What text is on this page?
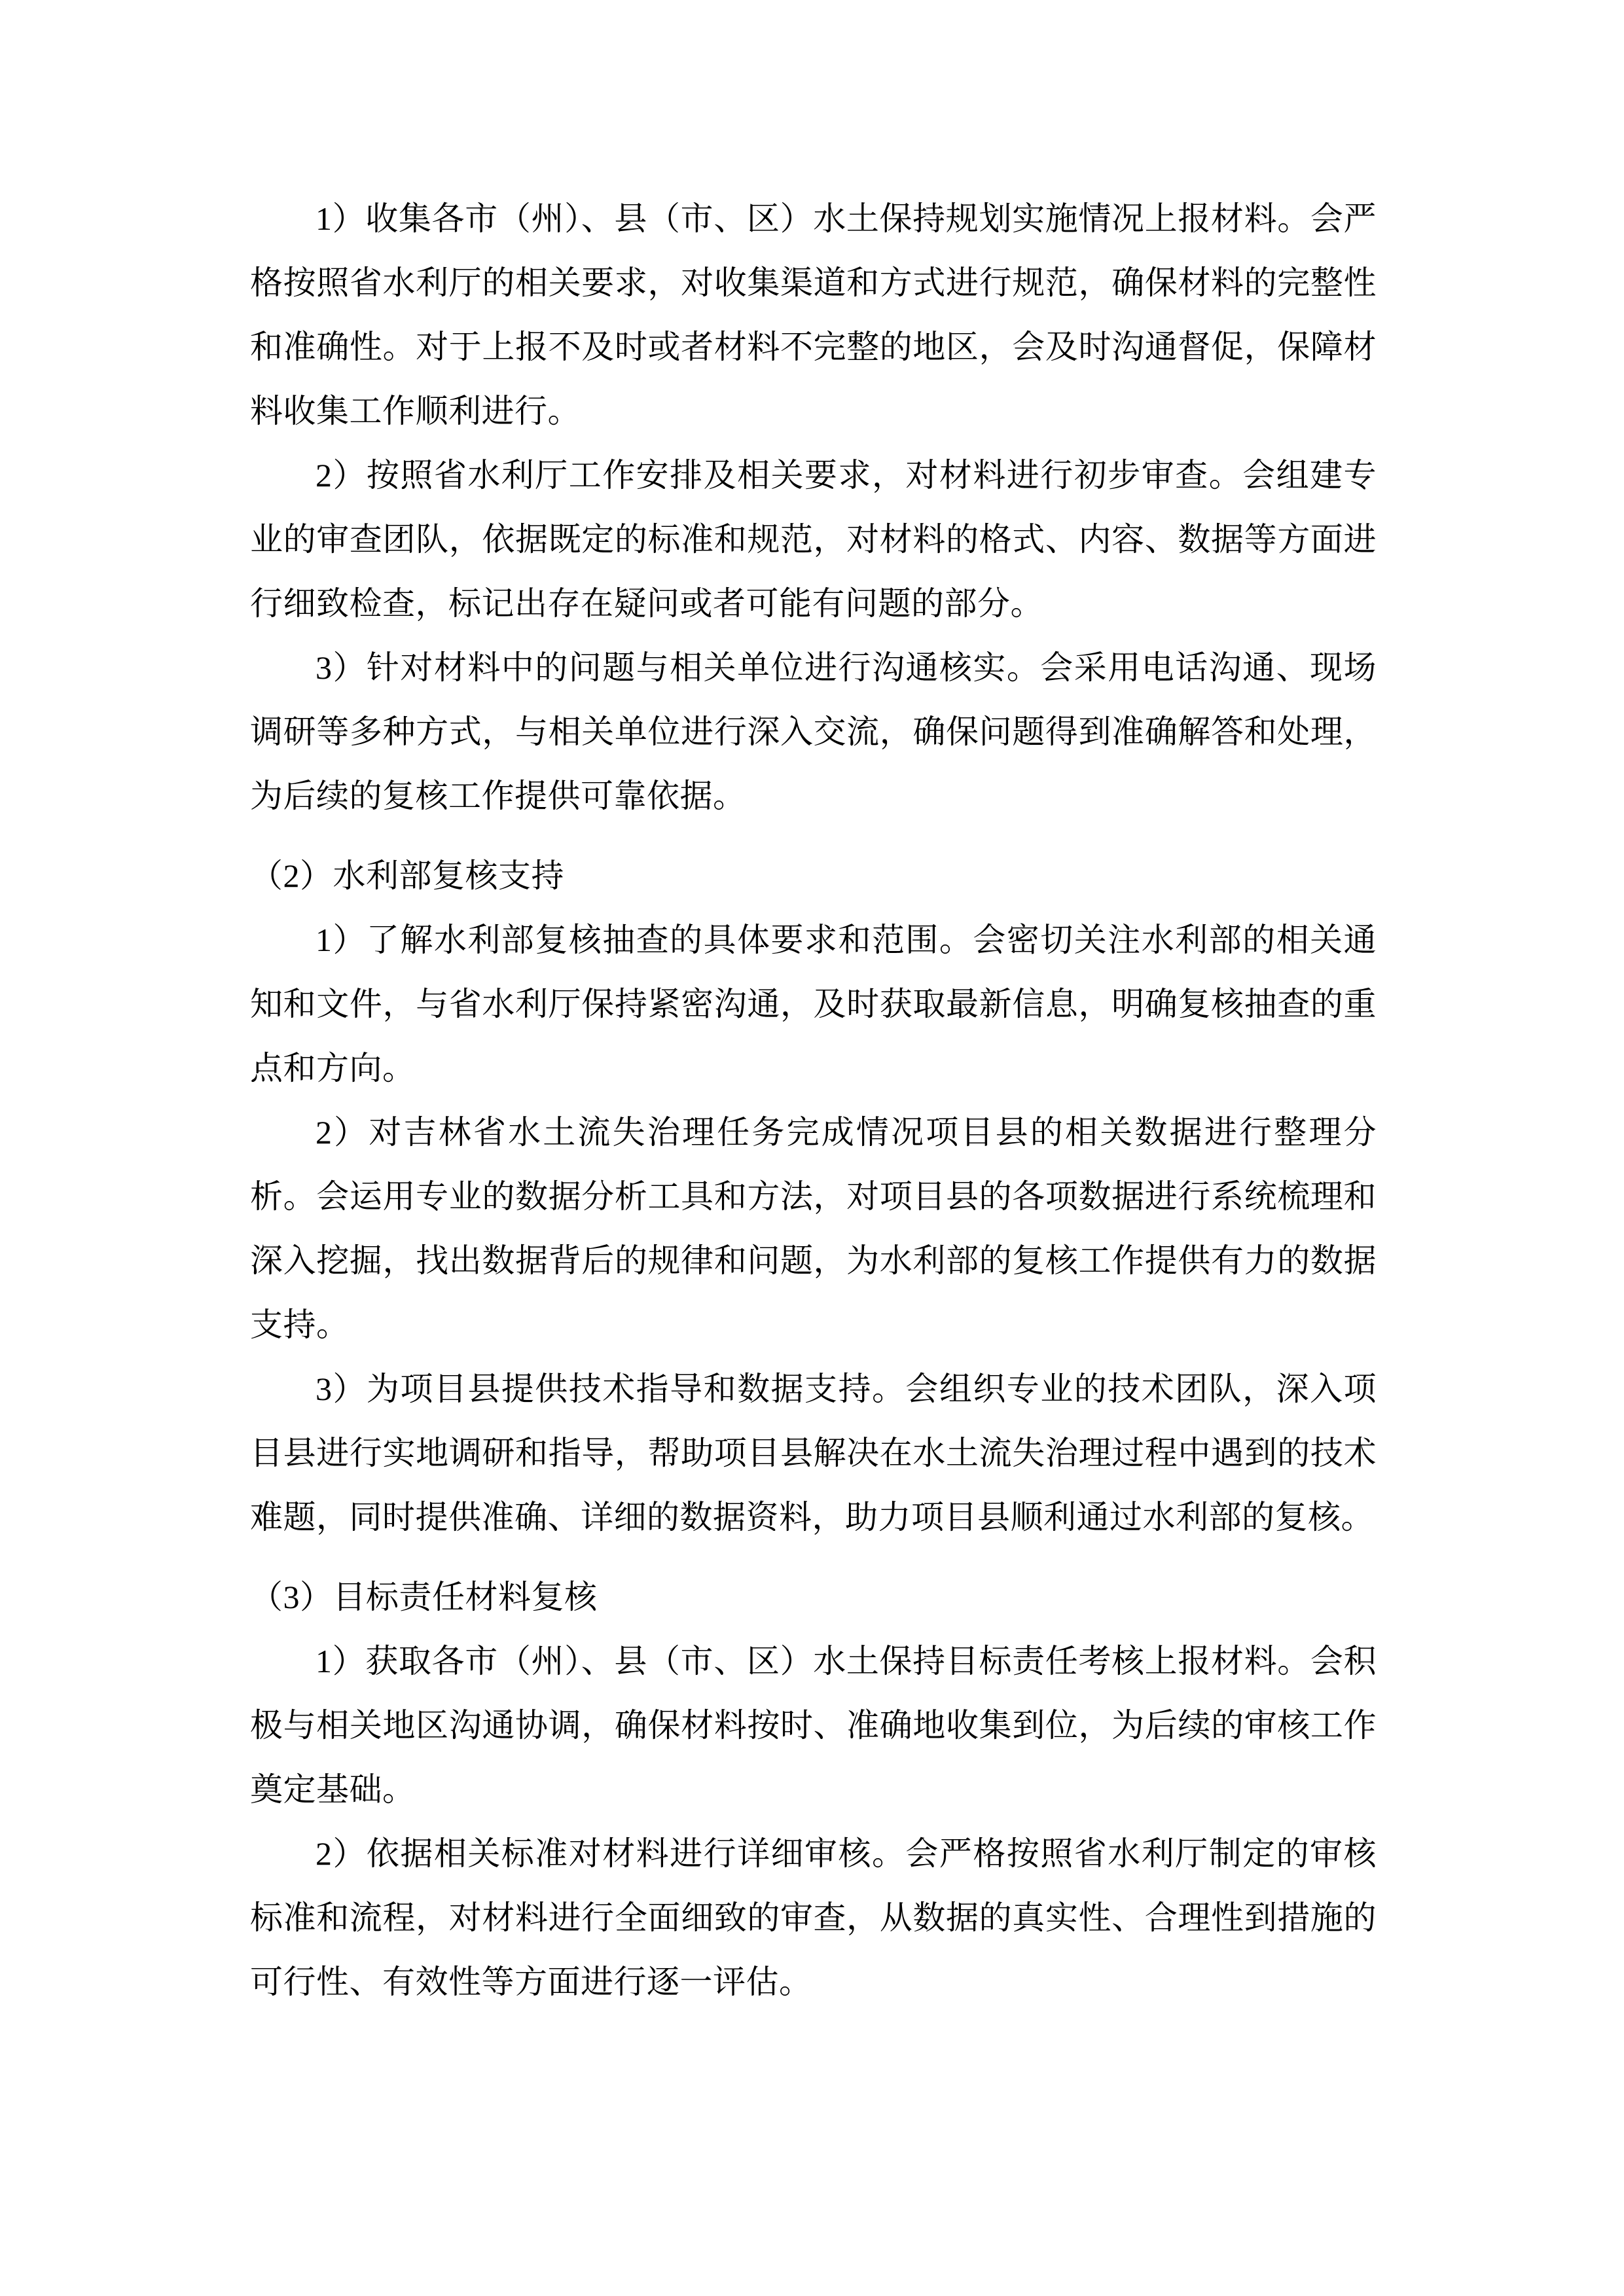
1）收集各市（州）、县（市、区）水土保持规划实施情况上报材料。会严格按照省水利厅的相关要求，对收集渠道和方式进行规范，确保材料的完整性和准确性。对于上报不及时或者材料不完整的地区，会及时沟通督促，保障材料收集工作顺利进行。

2）按照省水利厅工作安排及相关要求，对材料进行初步审查。会组建专业的审查团队，依据既定的标准和规范，对材料的格式、内容、数据等方面进行细致检查，标记出存在疑问或者可能有问题的部分。

3）针对材料中的问题与相关单位进行沟通核实。会采用电话沟通、现场调研等多种方式，与相关单位进行深入交流，确保问题得到准确解答和处理，为后续的复核工作提供可靠依据。

（2）水利部复核支持

1）了解水利部复核抽查的具体要求和范围。会密切关注水利部的相关通知和文件，与省水利厅保持紧密沟通，及时获取最新信息，明确复核抽查的重点和方向。

2）对吉林省水土流失治理任务完成情况项目县的相关数据进行整理分析。会运用专业的数据分析工具和方法，对项目县的各项数据进行系统梳理和深入挖掘，找出数据背后的规律和问题，为水利部的复核工作提供有力的数据支持。

3）为项目县提供技术指导和数据支持。会组织专业的技术团队，深入项目县进行实地调研和指导，帮助项目县解决在水土流失治理过程中遇到的技术难题，同时提供准确、详细的数据资料，助力项目县顺利通过水利部的复核。

（3）目标责任材料复核

1）获取各市（州）、县（市、区）水土保持目标责任考核上报材料。会积极与相关地区沟通协调，确保材料按时、准确地收集到位，为后续的审核工作奠定基础。

2）依据相关标准对材料进行详细审核。会严格按照省水利厅制定的审核标准和流程，对材料进行全面细致的审查，从数据的真实性、合理性到措施的可行性、有效性等方面进行逐一评估。
